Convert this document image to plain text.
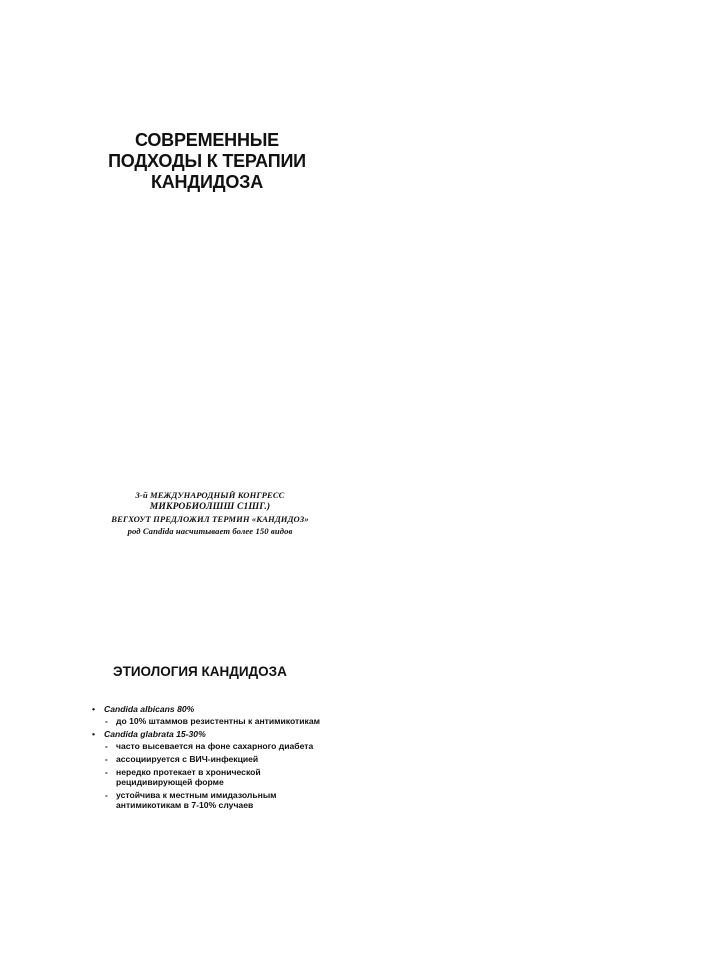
СОВРЕМЕННЫЕ
ПОДХОДЫ К ТЕРАПИИ
КАНДИДОЗА
3-й МЕЖДУНАРОДНЫЙ КОНГРЕСС
МИКРОБИОЛШШ С1ШГ.)
ВЕГХОУТ ПРЕДЛОЖИЛ ТЕРМИН «КАНДИДОЗ»
род Candida насчитывает более 150 видов
ЭТИОЛОГИЯ КАНДИДОЗА
• Candida albicans 80%
- до 10% штаммов резистентны к антимикотикам
• Candida glabrata 15-30%
- часто высевается на фоне сахарного диабета
- ассоциируется с ВИЧ-инфекцией
- нередко протекает в хронической рецидивирующей форме
- устойчива к местным имидазольным антимикотикам в 7-10% случаев
